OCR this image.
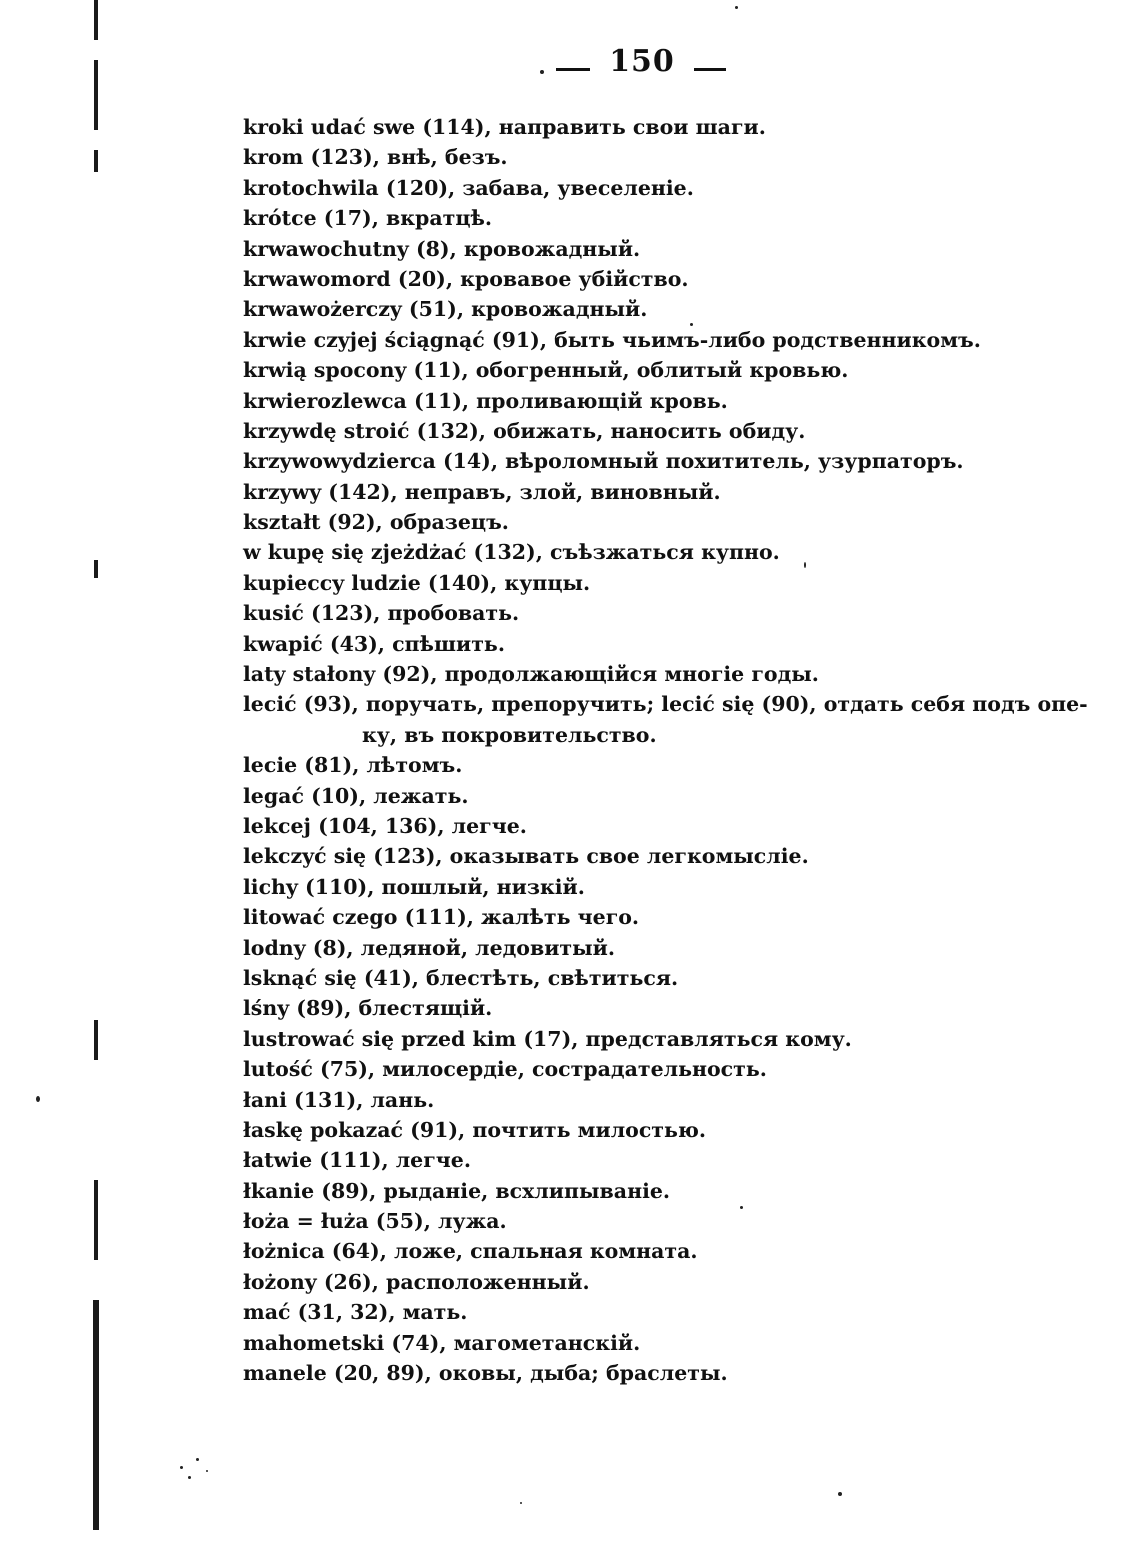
150
kroki udać swe (114), направить свои шаги.
krom (123), внѣ, безъ.
krotochwila (120), забава, увеселеніе.
krótce (17), вкратцѣ.
krwawochutny (8), кровожадный.
krwawomord (20), кровавое убійство.
krwawożerczy (51), кровожадный.
krwie czyjej ściągnąć (91), быть чьимъ-либо родственникомъ.
krwią spocony (11), обогренный, облитый кровью.
krwierozlewca (11), проливающій кровь.
krzywdę stroić (132), обижать, наносить обиду.
krzywowydzierca (14), вѣроломный похититель, узурпаторъ.
krzywy (142), неправъ, злой, виновный.
kształt (92), образецъ.
w kupę się zjeżdżać (132), съѣзжаться купно.
kupieccy ludzie (140), купцы.
kusić (123), пробовать.
kwapić (43), спѣшить.
laty stałony (92), продолжающійся многіе годы.
lecić (93), поручать, препоручить; lecić się (90), отдать себя подъ опе-
ку, въ покровительство.
lecie (81), лѣтомъ.
legać (10), лежать.
lekcej (104, 136), легче.
lekczyć się (123), оказывать свое легкомысліе.
lichy (110), пошлый, низкій.
litować czego (111), жалѣть чего.
lodny (8), ледяной, ледовитый.
lsknąć się (41), блестѣть, свѣтиться.
lśny (89), блестящій.
lustrować się przed kim (17), представляться кому.
lutość (75), милосердіе, сострадательность.
łani (131), лань.
łaskę pokazać (91), почтить милостью.
łatwie (111), легче.
łkanie (89), рыданіе, всхлипываніе.
łoża = łuża (55), лужа.
łożnica (64), ложе, спальная комната.
łożony (26), расположенный.
mać (31, 32), мать.
mahometski (74), магометанскій.
manele (20, 89), оковы, дыба; браслеты.
